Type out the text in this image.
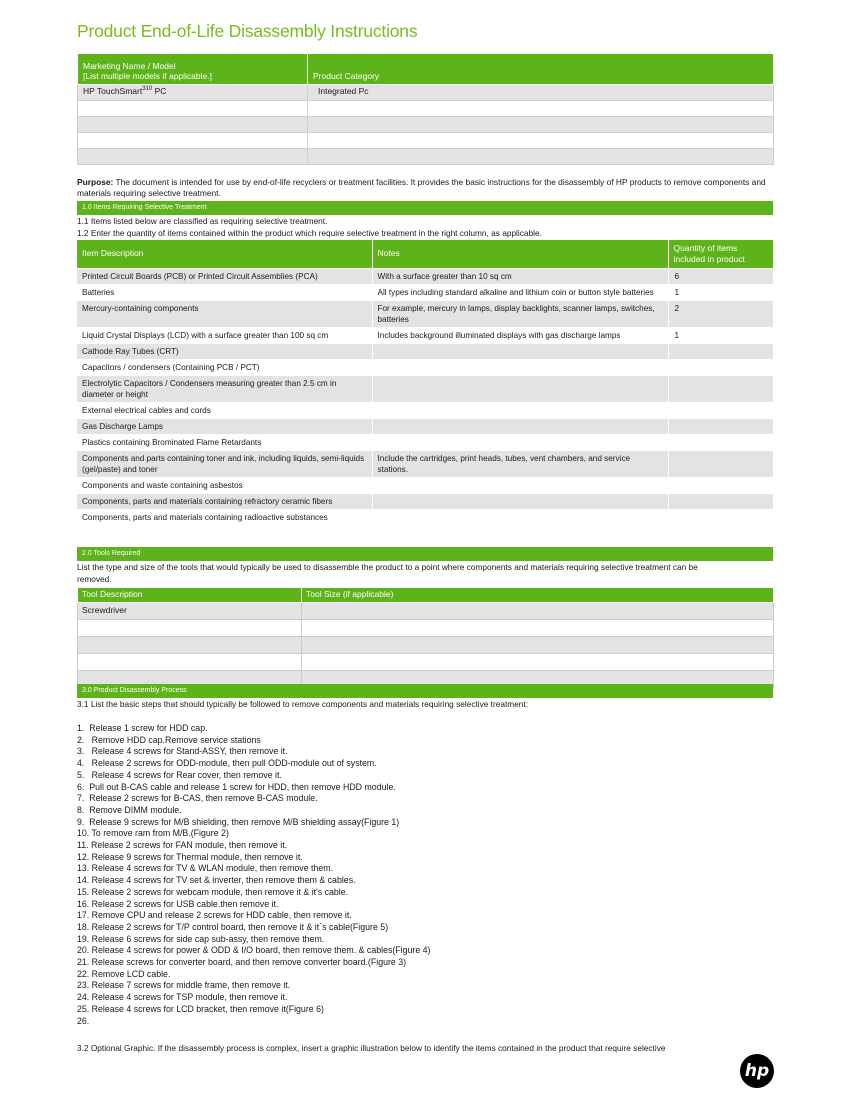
Product End-of-Life Disassembly Instructions
Marketing Name / Model
[List multiple models if applicable.]	Product Category
HP TouchSmart$^{310}$ PC	Integrated Pc

Purpose: The document is intended for use by end-of-life recyclers or treatment facilities. It provides the basic instructions for the disassembly of HP products to remove components and materials requiring selective treatment.
1.0 Items Requiring Selective Treatment
1.1 Items listed below are classified as requiring selective treatment.
1.2 Enter the quantity of items contained within the product which require selective treatment in the right column, as applicable.
Item Description	Notes	Quantity of items included in product
Printed Circuit Boards (PCB) or Printed Circuit Assemblies (PCA)	With a surface greater than 10 sq cm	6
Batteries	All types including standard alkaline and lithium coin or button style batteries	1
Mercury-containing components	For example, mercury in lamps, display backlights, scanner lamps, switches, batteries	2
Liquid Crystal Displays (LCD) with a surface greater than 100 sq cm	Includes background illuminated displays with gas discharge lamps	1
Cathode Ray Tubes (CRT)		
Capacitors / condensers (Containing PCB / PCT)		
Electrolytic Capacitors / Condensers measuring greater than 2.5 cm in diameter or height		
External electrical cables and cords		
Gas Discharge Lamps		
Plastics containing Brominated Flame Retardants		
Components and parts containing toner and ink, including liquids, semi-liquids (gel/paste) and toner	Include the cartridges, print heads, tubes, vent chambers, and service stations.	
Components and waste containing asbestos		
Components, parts and materials containing refractory ceramic fibers		
Components, parts and materials containing radioactive substances		
2.0 Tools Required
List the type and size of the tools that would typically be used to disassemble the product to a point where components and materials requiring selective treatment can be
removed.
Tool Description	Tool Size (if applicable)
Screwdriver	

3.0 Product Disassembly Process
3.1 List the basic steps that should typically be followed to remove components and materials requiring selective treatment:
1.  Release 1 screw for HDD cap.
2.   Remove HDD cap.Remove service stations
3.   Release 4 screws for Stand-ASSY, then remove it.
4.   Release 2 screws for ODD-module, then pull ODD-module out of system.
5.   Release 4 screws for Rear cover, then remove it.
6.  Pull out B-CAS cable and release 1 screw for HDD, then remove HDD module.
7.  Release 2 screws for B-CAS, then remove B-CAS module.
8.  Remove DIMM module.
9.  Release 9 screws for M/B shielding, then remove M/B shielding assay(Figure 1)
10. To remove ram from M/B.(Figure 2)
11. Release 2 screws for FAN module, then remove it.
12. Release 9 screws for Thermal module, then remove it.
13. Release 4 screws for TV & WLAN module, then remove them.
14. Release 4 screws for TV set & inverter, then remove them & cables.
15. Release 2 screws for webcam module, then remove it & it's cable.
16. Release 2 screws for USB cable.then remove it.
17. Remove CPU and release 2 screws for HDD cable, then remove it.
18. Release 2 screws for T/P control board, then remove it & it`s cable(Figure 5)
19. Release 6 screws for side cap sub-assy, then remove them.
20. Release 4 screws for power & ODD & I/O board, then remove them. & cables(Figure 4)
21. Release screws for converter board, and then remove converter board.(Figure 3)
22. Remove LCD cable.
23. Release 7 screws for middle frame, then remove it.
24. Release 4 screws for TSP module, then remove it.
25. Release 4 screws for LCD bracket, then remove it(Figure 6)
26.
3.2 Optional Graphic. If the disassembly process is complex, insert a graphic illustration below to identify the items contained in the product that require selective
hp
